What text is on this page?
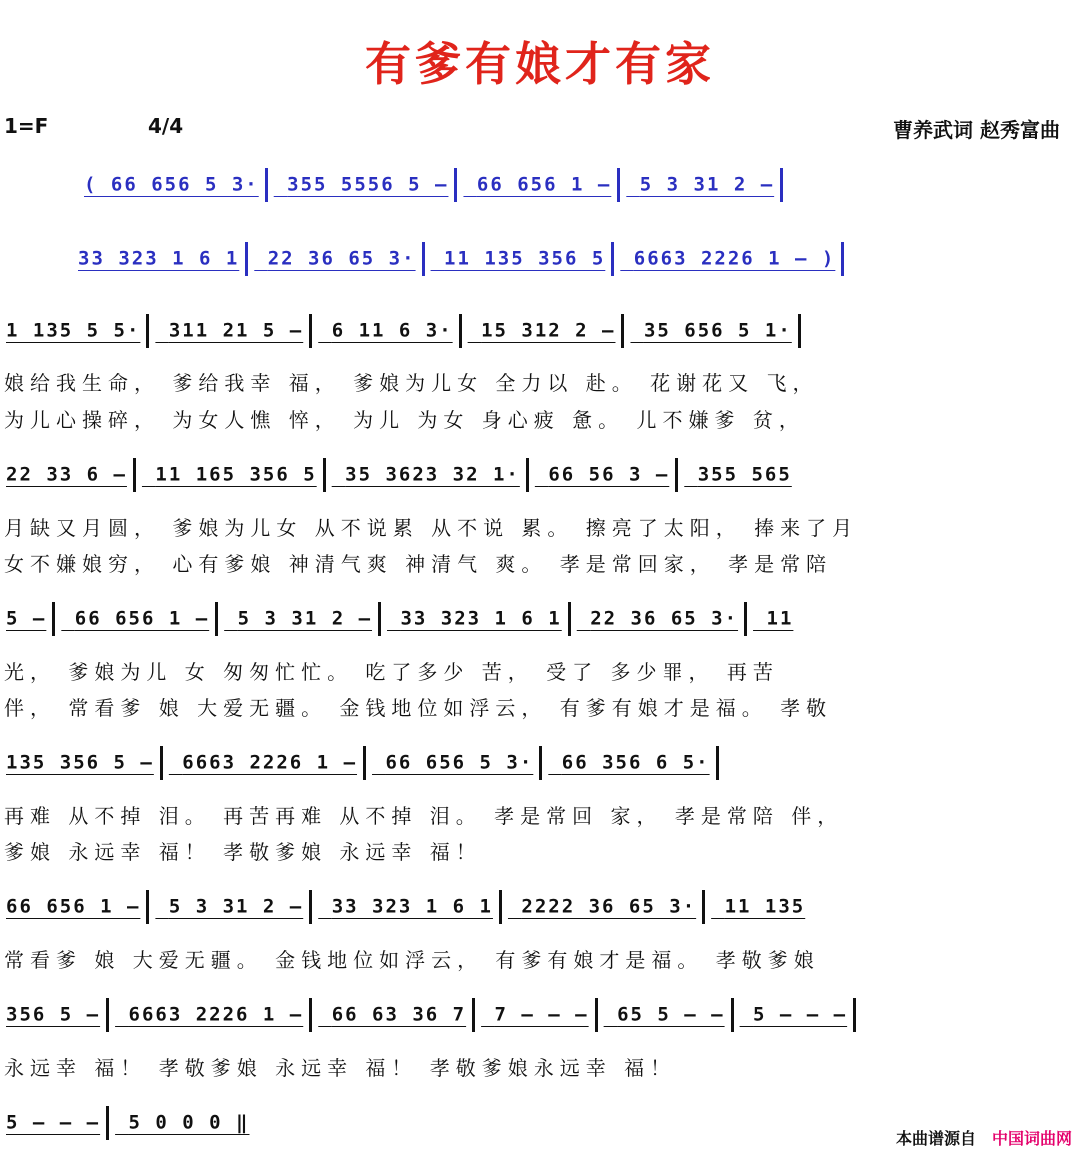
有爹有娘才有家
1=F	4/4	曹养武词 赵秀富曲
( 66 656 5 3· 355 5556 5 – 66 656 1 – 5 3 31 2 –
33 323 1 6 1 22 36 65 3· 11 135 356 5 6663 2226 1 – )
1 135 5 5· 311 21 5 – 6 11 6 3· 15 312 2 – 35 656 5 1·
娘给我生命， 爹给我幸 福， 爹娘为儿女 全力以 赴。 花谢花又 飞，
为儿心操碎， 为女人憔 悴， 为儿 为女 身心疲 惫。 儿不嫌爹 贫，
22 33 6 – 11 165 356 5 35 3623 32 1· 66 56 3 – 355 565
月缺又月圆， 爹娘为儿女 从不说累 从不说 累。 擦亮了太阳， 捧来了月
女不嫌娘穷， 心有爹娘 神清气爽 神清气 爽。 孝是常回家， 孝是常陪
5 – 66 656 1 – 5 3 31 2 – 33 323 1 6 1 22 36 65 3· 11
光， 爹娘为儿 女 匆匆忙忙。 吃了多少 苦， 受了 多少罪， 再苦
伴， 常看爹 娘 大爱无疆。 金钱地位如浮云， 有爹有娘才是福。 孝敬
135 356 5 – 6663 2226 1 – 66 656 5 3· 66 356 6 5·
再难 从不掉 泪。 再苦再难 从不掉 泪。 孝是常回 家， 孝是常陪 伴，
爹娘 永远幸 福！ 孝敬爹娘 永远幸 福！
66 656 1 – 5 3 31 2 – 33 323 1 6 1 2222 36 65 3· 11 135
常看爹 娘 大爱无疆。 金钱地位如浮云， 有爹有娘才是福。 孝敬爹娘
356 5 – 6663 2226 1 – 66 63 36 7 7 – – – 65 5 – – 5 – – –
永远幸 福！ 孝敬爹娘 永远幸 福！ 孝敬爹娘永远幸 福！
5 – – – 5 0 0 0 ‖
本曲谱源自 中国词曲网
